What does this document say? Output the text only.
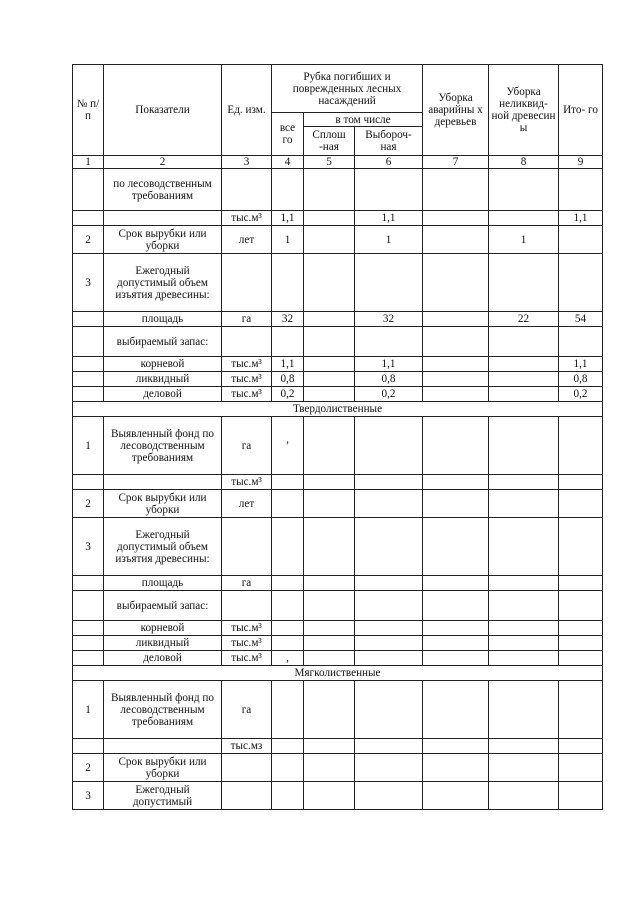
№ п/п	Показатели	Ед. изм.	Рубка погибших и поврежденных лесных насаждений			Уборка аварийны х деревьев	Уборка неликвид- ной древесин ы	Ито- го
			все го	в том числе				
				Сплош -ная	Выбороч- ная			
1	2	3	4	5	6	7	8	9
	по лесоводственным требованиям							
		тыс.м³	1,1		1,1			1,1
2	Срок вырубки или уборки	лет	1		1		1	
3	Ежегодный допустимый объем изъятия древесины:							
	площадь	га	32		32		22	54
	выбираемый запас:							
	корневой	тыс.м³	1,1		1,1			1,1
	ликвидный	тыс.м³	0,8		0,8			0,8
	деловой	тыс.м³	0,2		0,2			0,2
Твердолиственные								
1	Выявленный фонд по лесоводственным требованиям	га	’					
		тыс.м³						
2	Срок вырубки или уборки	лет						
3	Ежегодный допустимый объем изъятия древесины:							
	площадь	га						
	выбираемый запас:							
	корневой	тыс.м³						
	ликвидный	тыс.м³						
	деловой	тыс.м³	,					
Мягколиственные								
1	Выявленный фонд по лесоводственным требованиям	га						
		тыс.мз						
2	Срок вырубки или уборки							
3	Ежегодный допустимый							
